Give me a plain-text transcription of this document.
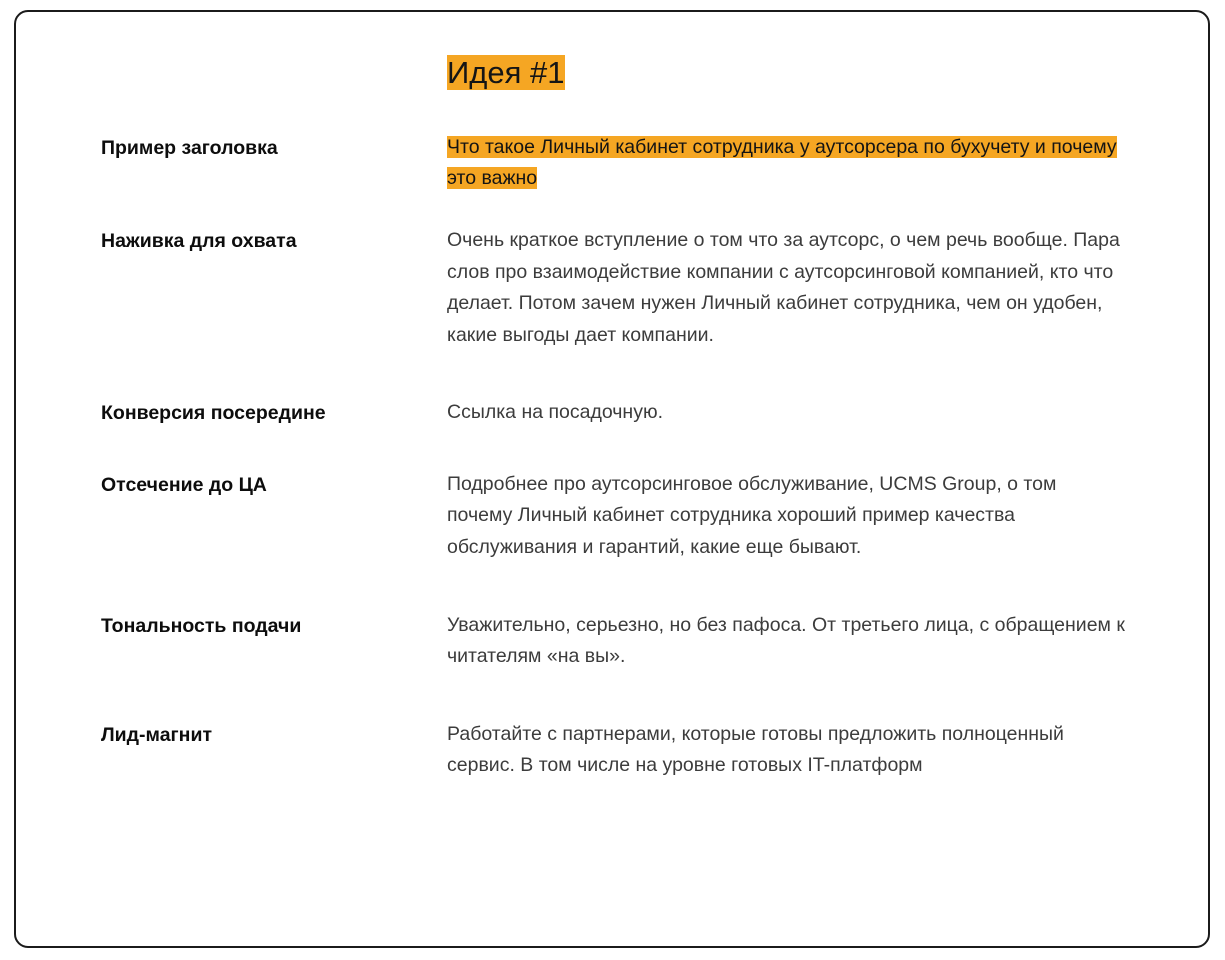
Идея #1
Пример заголовка	Что такое Личный кабинет сотрудника у аутсорсера по бухучету и почему это важно
Наживка для охвата	Очень краткое вступление о том что за аутсорс, о чем речь вообще. Пара слов про взаимодействие компании с аутсорсинговой компанией, кто что делает. Потом зачем нужен Личный кабинет сотрудника, чем он удобен, какие выгоды дает компании.
Конверсия посередине	Ссылка на посадочную.
Отсечение до ЦА	Подробнее про аутсорсинговое обслуживание, UCMS Group, о том почему Личный кабинет сотрудника хороший пример качества обслуживания и гарантий, какие еще бывают.
Тональность подачи	Уважительно, серьезно, но без пафоса. От третьего лица, с обращением к читателям «на вы».
Лид-магнит	Работайте с партнерами, которые готовы предложить полноценный сервис. В том числе на уровне готовых IT-платформ
